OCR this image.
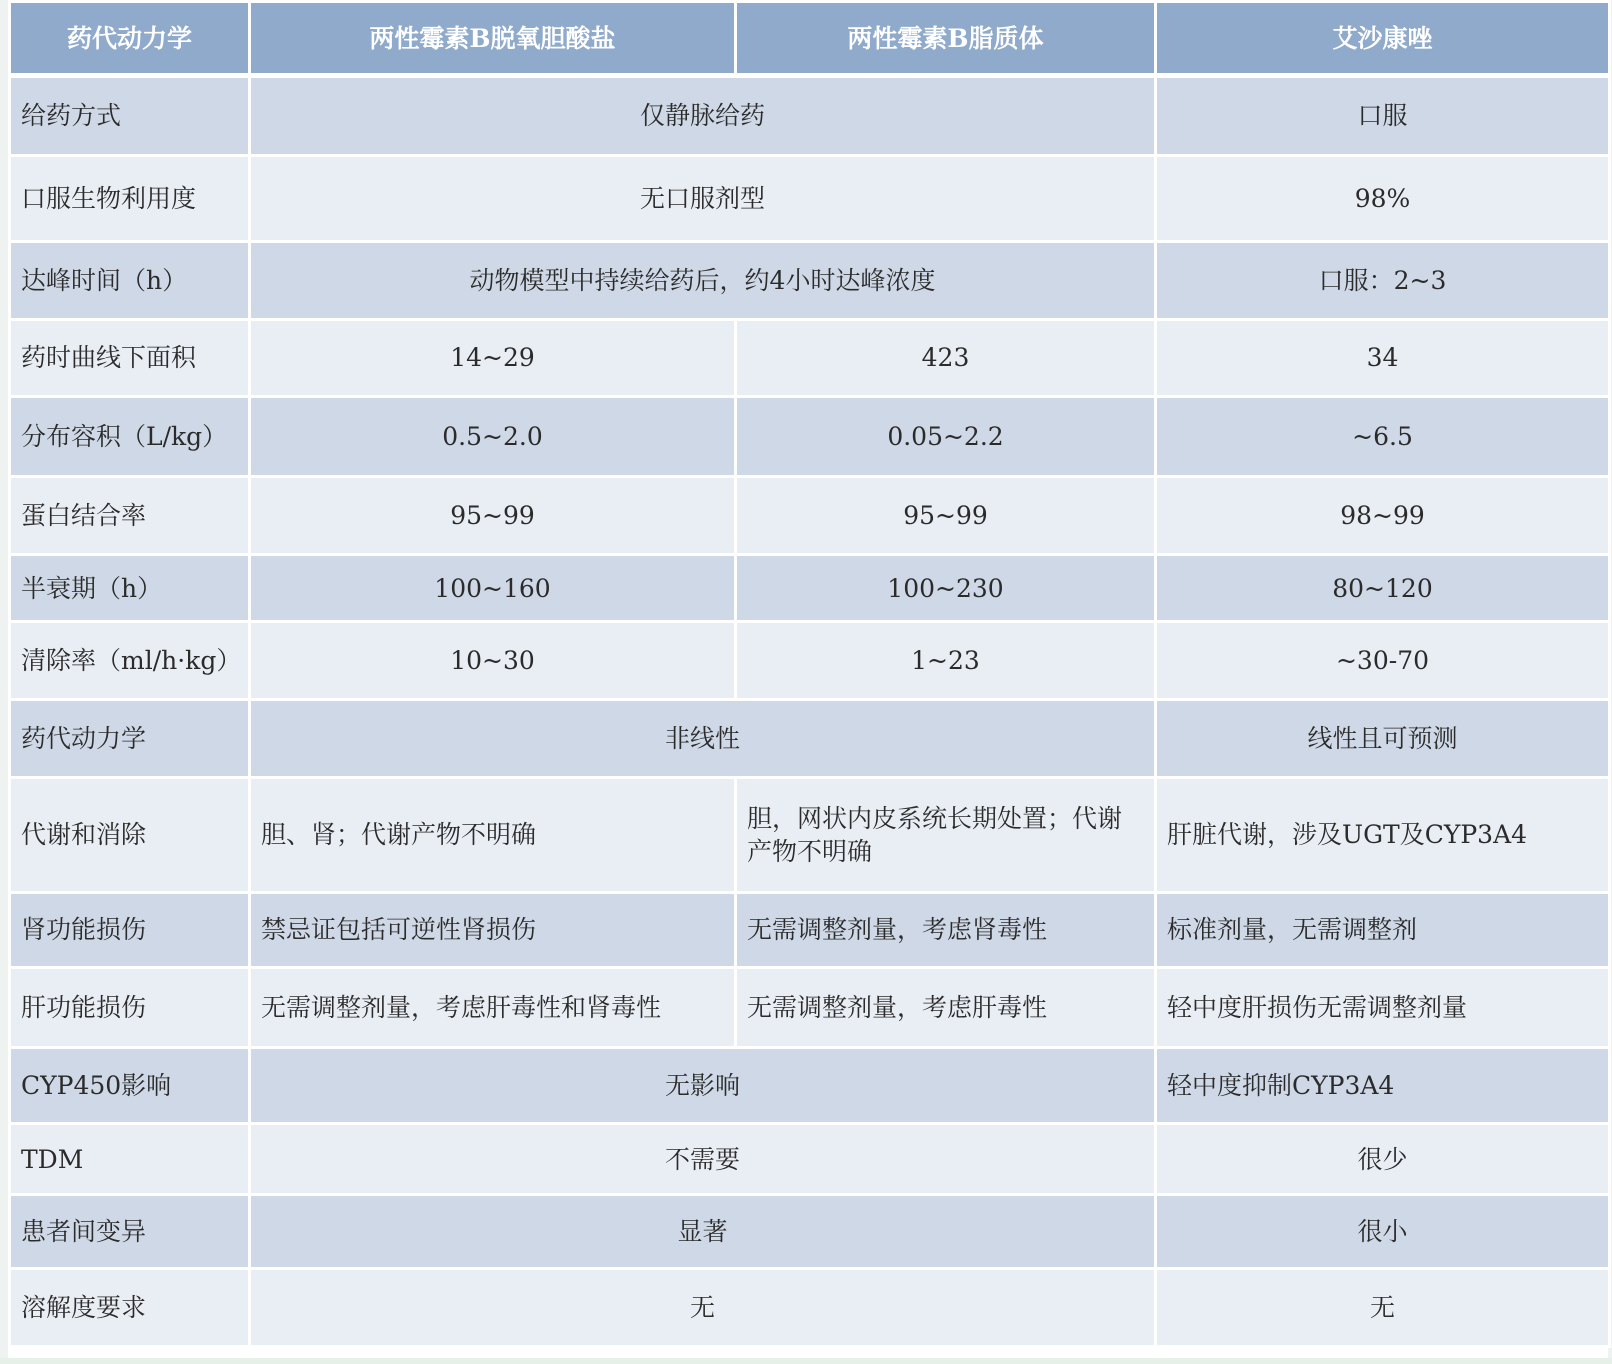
药代动力学	两性霉素B脱氧胆酸盐	两性霉素B脂质体	艾沙康唑
给药方式	仅静脉给药		口服
口服生物利用度	无口服剂型		98%
达峰时间（h）	动物模型中持续给药后，约4小时达峰浓度		口服：2~3
药时曲线下面积	14~29	423	34
分布容积（L/kg）	0.5~2.0	0.05~2.2	~6.5
蛋白结合率	95~99	95~99	98~99
半衰期（h）	100~160	100~230	80~120
清除率（ml/h·kg）	10~30	1~23	~30-70
药代动力学	非线性		线性且可预测
代谢和消除	胆、肾；代谢产物不明确	胆，网状内皮系统长期处置；代谢产物不明确	肝脏代谢，涉及UGT及CYP3A4
肾功能损伤	禁忌证包括可逆性肾损伤	无需调整剂量，考虑肾毒性	标准剂量，无需调整剂
肝功能损伤	无需调整剂量，考虑肝毒性和肾毒性	无需调整剂量，考虑肝毒性	轻中度肝损伤无需调整剂量
CYP450影响	无影响		轻中度抑制CYP3A4
TDM	不需要		很少
患者间变异	显著		很小
溶解度要求	无		无
